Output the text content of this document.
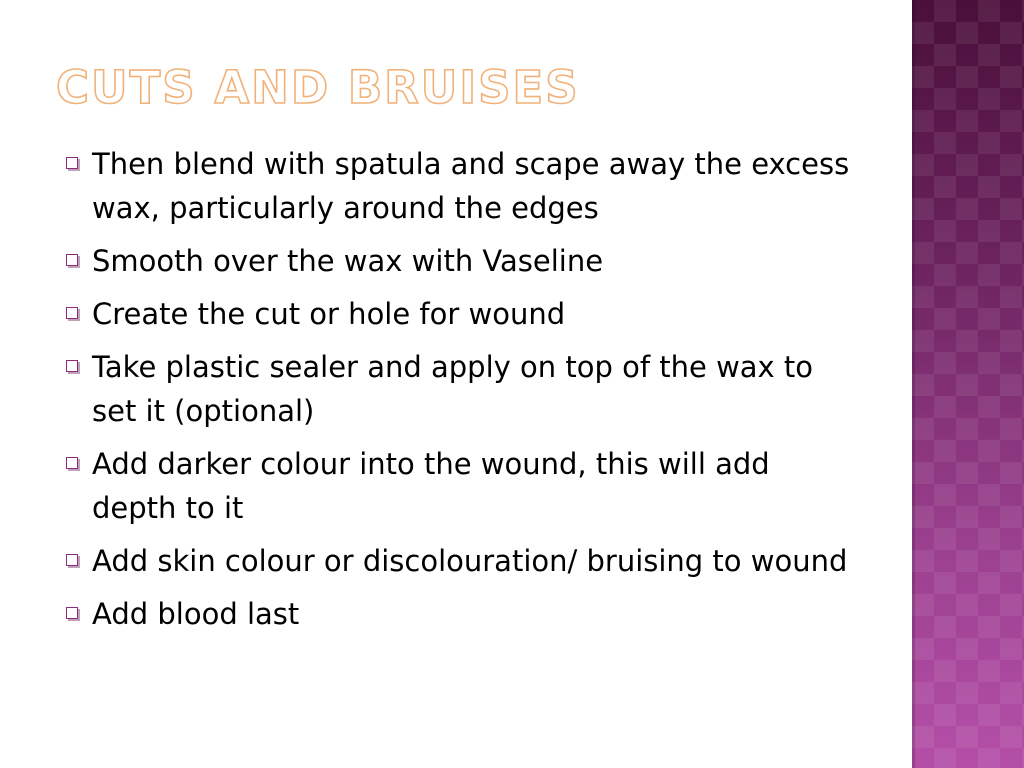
CUTS AND BRUISES
Then blend with spatula and scape away the excess wax, particularly around the edges
Smooth over the wax with Vaseline
Create the cut or hole for wound
Take plastic sealer and apply on top of the wax to set it (optional)
Add darker colour into the wound, this will add depth to it
Add skin colour or discolouration/ bruising to wound
Add blood last
